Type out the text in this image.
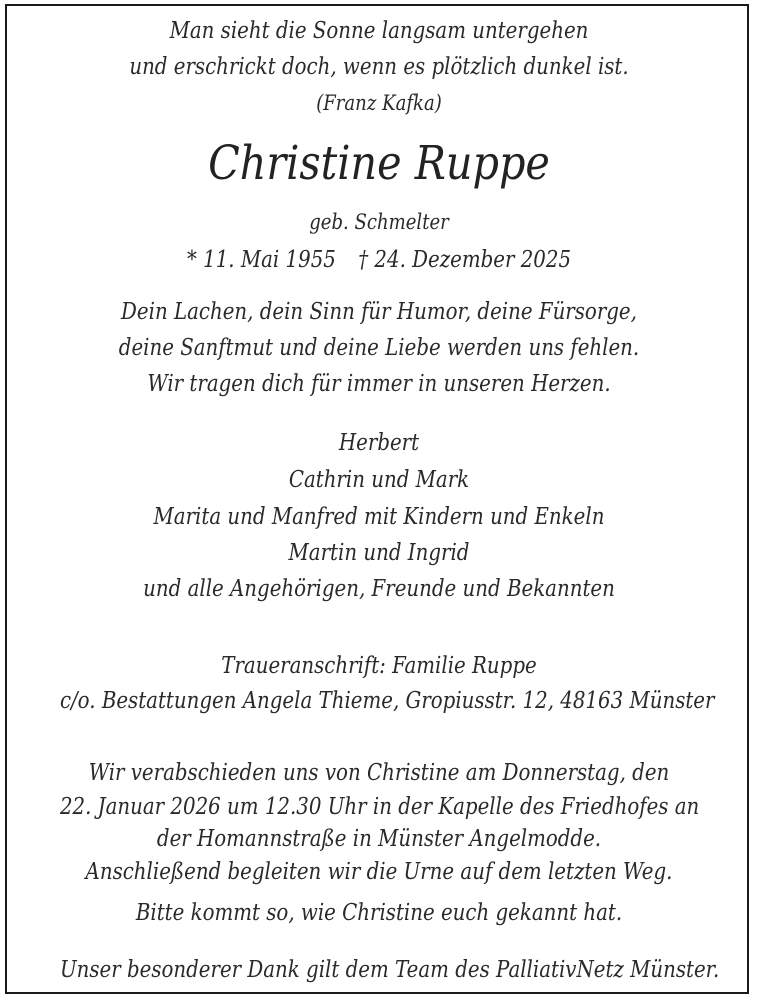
Man sieht die Sonne langsam untergehen
und erschrickt doch, wenn es plötzlich dunkel ist.
(Franz Kafka)
Christine Ruppe
geb. Schmelter
* 11. Mai 1955 † 24. Dezember 2025
Dein Lachen, dein Sinn für Humor, deine Fürsorge,
deine Sanftmut und deine Liebe werden uns fehlen.
Wir tragen dich für immer in unseren Herzen.
Herbert
Cathrin und Mark
Marita und Manfred mit Kindern und Enkeln
Martin und Ingrid
und alle Angehörigen, Freunde und Bekannten
Traueranschrift: Familie Ruppe
c/o. Bestattungen Angela Thieme, Gropiusstr. 12, 48163 Münster
Wir verabschieden uns von Christine am Donnerstag, den
22. Januar 2026 um 12.30 Uhr in der Kapelle des Friedhofes an
der Homannstraße in Münster Angelmodde.
Anschließend begleiten wir die Urne auf dem letzten Weg.
Bitte kommt so, wie Christine euch gekannt hat.
Unser besonderer Dank gilt dem Team des PalliativNetz Münster.
